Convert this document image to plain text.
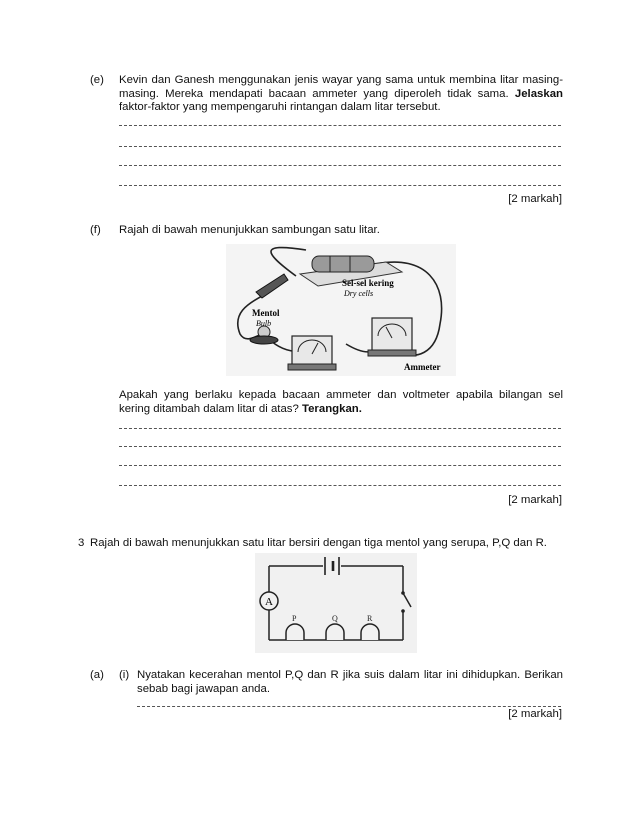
(e) Kevin dan Ganesh menggunakan jenis wayar yang sama untuk membina litar masing-masing. Mereka mendapati bacaan ammeter yang diperoleh tidak sama. Jelaskan faktor-faktor yang mempengaruhi rintangan dalam litar tersebut.
[2 markah]
(f) Rajah di bawah menunjukkan sambungan satu litar.
Sel-sel kering
Dry cells
Mentol
Bulb
Ammeter
Apakah yang berlaku kepada bacaan ammeter dan voltmeter apabila bilangan sel kering ditambah dalam litar di atas? Terangkan.
[2 markah]
3 Rajah di bawah menunjukkan satu litar bersiri dengan tiga mentol yang serupa, P,Q dan R.
A
P	Q	R
(a) (i) Nyatakan kecerahan mentol P,Q dan R jika suis dalam litar ini dihidupkan. Berikan sebab bagi jawapan anda.
[2 markah]
